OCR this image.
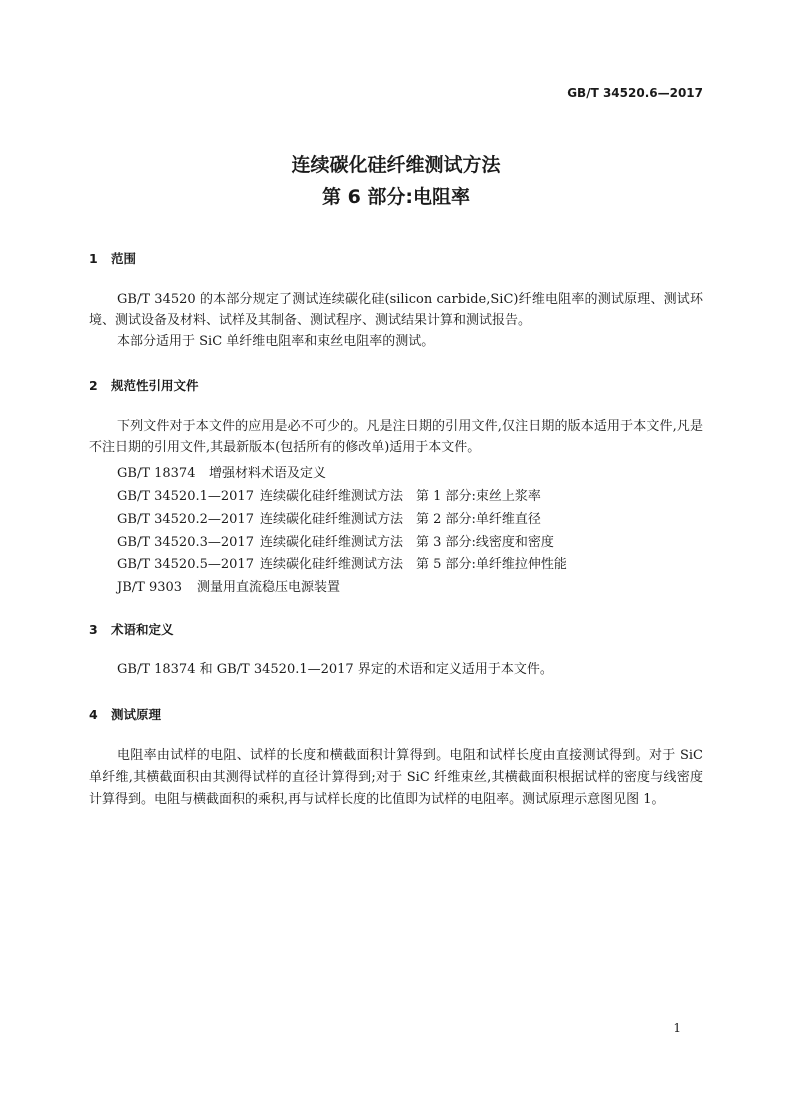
GB/T 34520.6—2017
连续碳化硅纤维测试方法
第 6 部分:电阻率
1 范围
GB/T 34520 的本部分规定了测试连续碳化硅(silicon carbide,SiC)纤维电阻率的测试原理、测试环境、测试设备及材料、试样及其制备、测试程序、测试结果计算和测试报告。
本部分适用于 SiC 单纤维电阻率和束丝电阻率的测试。
2 规范性引用文件
下列文件对于本文件的应用是必不可少的。凡是注日期的引用文件,仅注日期的版本适用于本文件,凡是不注日期的引用文件,其最新版本(包括所有的修改单)适用于本文件。
GB/T 18374 增强材料术语及定义
GB/T 34520.1—2017 连续碳化硅纤维测试方法　第 1 部分:束丝上浆率
GB/T 34520.2—2017 连续碳化硅纤维测试方法　第 2 部分:单纤维直径
GB/T 34520.3—2017 连续碳化硅纤维测试方法　第 3 部分:线密度和密度
GB/T 34520.5—2017 连续碳化硅纤维测试方法　第 5 部分:单纤维拉伸性能
JB/T 9303 测量用直流稳压电源装置
3 术语和定义
GB/T 18374 和 GB/T 34520.1—2017 界定的术语和定义适用于本文件。
4 测试原理
电阻率由试样的电阻、试样的长度和横截面积计算得到。电阻和试样长度由直接测试得到。对于 SiC 单纤维,其横截面积由其测得试样的直径计算得到;对于 SiC 纤维束丝,其横截面积根据试样的密度与线密度计算得到。电阻与横截面积的乘积,再与试样长度的比值即为试样的电阻率。测试原理示意图见图 1。
1
